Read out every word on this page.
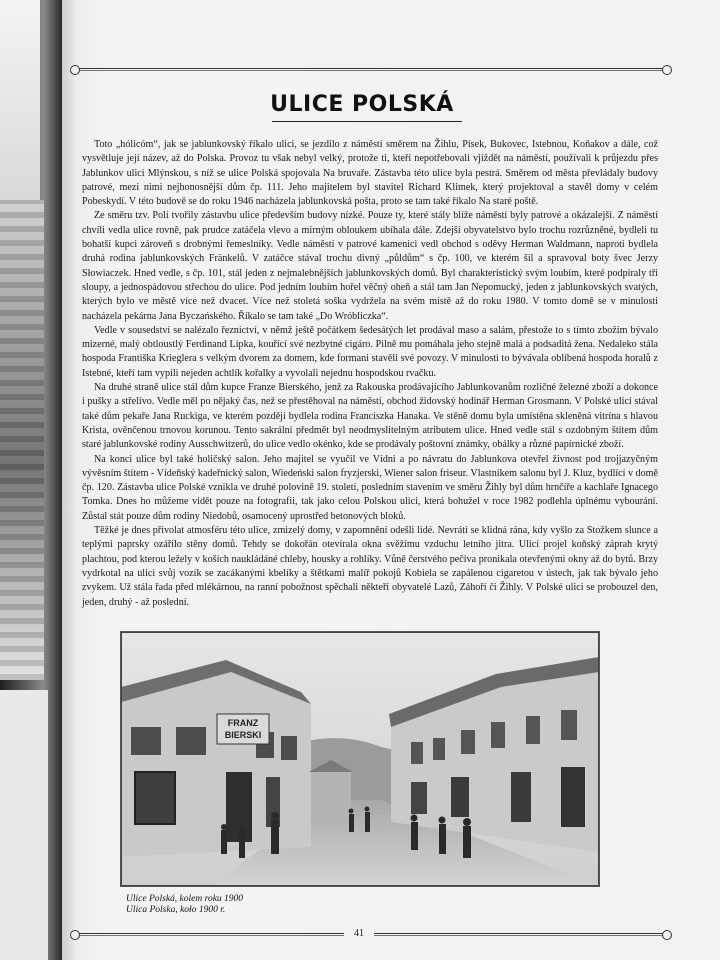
ULICE POLSKÁ

Toto „hólicóm“, jak se jablunkovský říkalo ulici, se jezdilo z náměstí směrem na Žihlu, Písek, Bukovec, Istebnou, Koňakov a dále, což vysvětluje její název, až do Polska. Provoz tu však nebyl velký, protože ti, kteří nepotřebovali vjíždět na náměstí, používali k průjezdu přes Jablunkov ulici Mlýnskou, s níž se ulice Polská spojovala Na bruvaře. Zástavba této ulice byla pestrá. Směrem od města převládaly budovy patrové, mezi nimi nejhonosnější dům čp. 111. Jeho majitelem byl stavitel Richard Klimek, který projektoval a stavěl domy v celém Pobeskydí. V této budově se do roku 1946 nacházela jablunkovská pošta, proto se tam také říkalo Na staré poště.

Ze směru tzv. Polí tvořily zástavbu ulice především budovy nízké. Pouze ty, které stály blíže náměstí byly patrové a okázalejší. Z náměstí chvíli vedla ulice rovně, pak prudce zatáčela vlevo a mírným obloukem ubíhala dále. Zdejší obyvatelstvo bylo trochu rozrůzněné, bydleli tu bohatší kupci zároveň s drobnými řemeslníky. Vedle náměstí v patrové kamenici vedl obchod s oděvy Herman Waldmann, naproti bydlela druhá rodina jablunkovských Fränkelů. V zatáčce stával trochu divný „půldům“ s čp. 100, ve kterém šil a spravoval boty švec Jerzy Słowiaczek. Hned vedle, s čp. 101, stál jeden z nejmalebnějších jablunkovských domů. Byl charakteristický svým loubím, které podpíraly tři sloupy, a jednospádovou střechou do ulice. Pod jedním loubím hořel věčný oheň a stál tam Jan Nepomucký, jeden z jablunkovských svatých, kterých bylo ve městě více než dvacet. Více než stoletá soška vydržela na svém místě až do roku 1980. V tomto domě se v minulosti nacházela pekárna Jana Byczańského. Říkalo se tam také „Do Wróbliczka“.

Vedle v sousedství se nalézalo řeznictví, v němž ještě počátkem šedesátých let prodával maso a salám, přestože to s tímto zbožím bývalo mizerné, malý obtloustlý Ferdinand Lipka, kouřící své nezbytné cigáro. Pilně mu pomáhala jeho stejně malá a podsaditá žena. Nedaleko stála hospoda Františka Krieglera s velkým dvorem za domem, kde formani stavěli své povozy. V minulosti to bývávala oblíbená hospoda horalů z Istebné, kteří tam vypili nejeden achtlík kořalky a vyvolali nejednu hospodskou rvačku.

Na druhé straně ulice stál dům kupce Franze Bierského, jenž za Rakouska prodávajícího Jablunkovanům rozličné železné zboží a dokonce i pušky a střelivo. Vedle měl po nějaký čas, než se přestěhoval na náměstí, obchod židovský hodinář Herman Grosmann. V Polské ulici stával také dům pekaře Jana Ruckiga, ve kterém později bydlela rodina Franciszka Hanaka. Ve stěně domu byla umístěna skleněná vitrína s hlavou Krista, ověnčenou trnovou korunou. Tento sakrální předmět byl neodmyslitelným atributem ulice. Hned vedle stál s ozdobným štítem dům staré jablunkovské rodiny Ausschwitzerů, do ulice vedlo okénko, kde se prodávaly poštovní známky, obálky a různé papírnické zboží.

Na konci ulice byl také holičský salon. Jeho majitel se vyučil ve Vídni a po návratu do Jablunkova otevřel živnost pod trojjazyčným vývěsním štítem - Vídeňský kadeřnický salon, Wiedeński salon fryzjerski, Wiener salon friseur. Vlastníkem salonu byl J. Kluz, bydlící v domě čp. 120. Zástavba ulice Polské vznikla ve druhé polovině 19. století, posledním stavením ve směru Žihly byl dům hrnčíře a kachlaře Ignacego Tomka. Dnes ho můžeme vidět pouze na fotografii, tak jako celou Polskou ulici, která bohužel v roce 1982 podlehla úplnému vybourání. Zůstal stát pouze dům rodiny Niedobů, osamocený uprostřed betonových bloků.

Těžké je dnes přivolat atmosféru této ulice, zmizelý domy, v zapomnění odešli lidé. Nevrátí se klidná rána, kdy vyšlo za Stožkem slunce a teplými paprsky ozářilo stěny domů. Tehdy se dokořán otevírala okna svěžímu vzduchu letního jitra. Ulicí projel koňský záprah krytý plachtou, pod kterou ležely v koších naukládáné chleby, housky a rohlíky. Vůně čerstvého pečiva pronikala otevřenými okny až do bytů. Brzy vydrkotal na ulici svůj vozík se zacákanými kbelíky a štětkami malíř pokojů Kobiela se zapálenou cigaretou v ústech, jak tak bývalo jeho zvykem. Už stála řada před mlékárnou, na ranní pobožnost spěchali někteří obyvatelé Lazů, Záhoří či Žihly. V Polské ulici se probouzel den, jeden, druhý - až poslední.

FRANZ
BIERSKI
Ulice Polská, kolem roku 1900
Ulica Polska, koło 1900 r.
41
